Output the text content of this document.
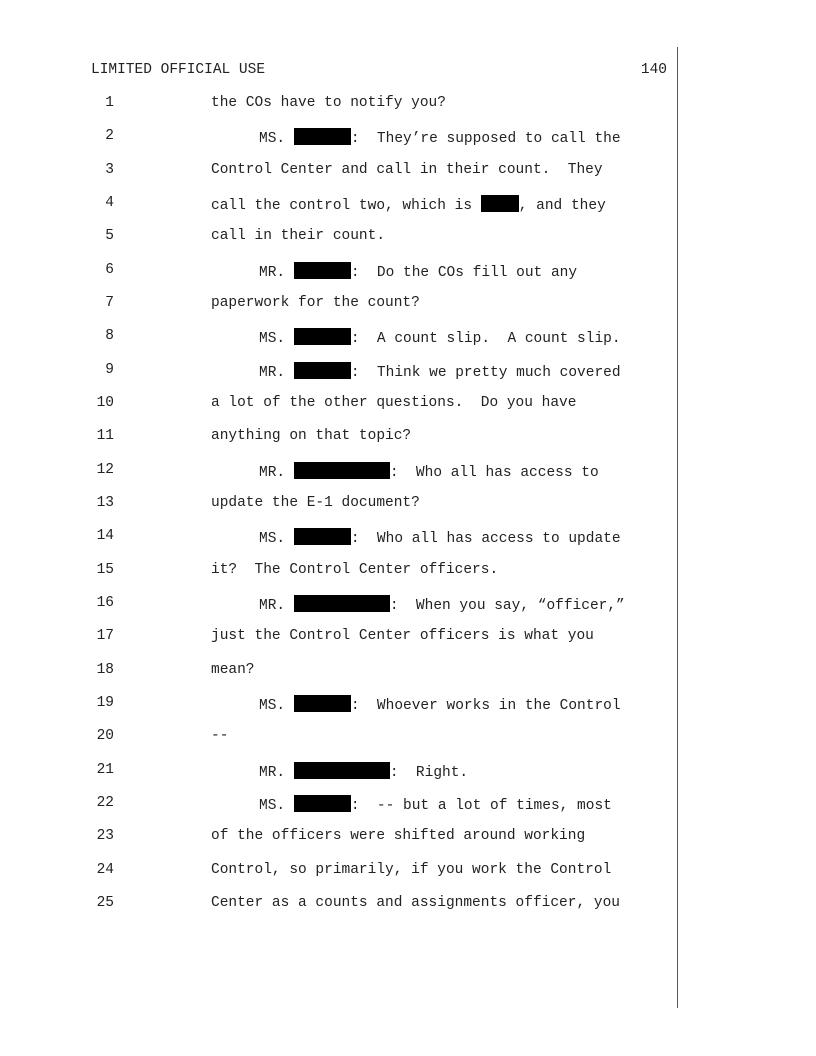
LIMITED OFFICIAL USE	140
1	the COs have to notify you?
2	MS.	:  They’re supposed to call the
3	Control Center and call in their count.  They
4	call the control two, which is	, and they
5	call in their count.
6	MR.	:  Do the COs fill out any
7	paperwork for the count?
8	MS.	:  A count slip.  A count slip.
9	MR.	:  Think we pretty much covered
10	a lot of the other questions.  Do you have
11	anything on that topic?
12	MR.	:  Who all has access to
13	update the E-1 document?
14	MS.	:  Who all has access to update
15	it?  The Control Center officers.
16	MR.	:  When you say, “officer,”
17	just the Control Center officers is what you
18	mean?
19	MS.	:  Whoever works in the Control
20	--
21	MR.	:  Right.
22	MS.	:  -- but a lot of times, most
23	of the officers were shifted around working
24	Control, so primarily, if you work the Control
25	Center as a counts and assignments officer, you
